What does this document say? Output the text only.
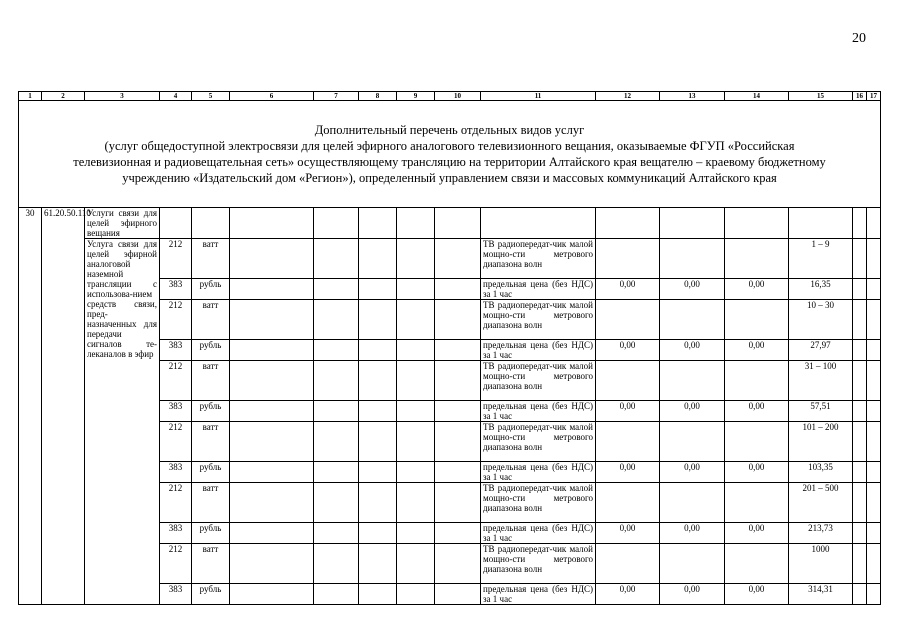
20
1	2	3	4	5	6	7	8	9	10	11	12	13	14	15	16	17

Дополнительный перечень отдельных видов услуг
(услуг общедоступной электросвязи для целей эфирного аналогового телевизионного вещания, оказываемые ФГУП «Российская
телевизионная и радиовещательная сеть» осуществляющему трансляцию на территории Алтайского края вещателю – краевому бюджетному
учреждению «Издательский дом «Регион»), определенный управлением связи и массовых коммуникаций Алтайского края																

30	61.20.50.110	Услуги связи для целей эфирного вещания														
		Услуга связи для целей эфирной аналоговой наземной трансляции с использова-нием средств связи, пред-назначенных для передачи сигналов те-леканалов в эфир	212	ватт						ТВ радиопередат-чик малой мощно-сти метрового диапазона волн				1 – 9		
			383	рубль						предельная цена (без НДС) за 1 час	0,00	0,00	0,00	16,35		
			212	ватт						ТВ радиопередат-чик малой мощно-сти метрового диапазона волн				10 – 30		
			383	рубль						предельная цена (без НДС) за 1 час	0,00	0,00	0,00	27,97		
			212	ватт						ТВ радиопередат-чик малой мощно-сти метрового диапазона волн				31 – 100		
			383	рубль						предельная цена (без НДС) за 1 час	0,00	0,00	0,00	57,51		
			212	ватт						ТВ радиопередат-чик малой мощно-сти метрового диапазона волн				101 – 200		
			383	рубль						предельная цена (без НДС) за 1 час	0,00	0,00	0,00	103,35		
			212	ватт						ТВ радиопередат-чик малой мощно-сти метрового диапазона волн				201 – 500		
			383	рубль						предельная цена (без НДС) за 1 час	0,00	0,00	0,00	213,73		
			212	ватт						ТВ радиопередат-чик малой мощно-сти метрового диапазона волн				1000		
			383	рубль						предельная цена (без НДС) за 1 час	0,00	0,00	0,00	314,31		
